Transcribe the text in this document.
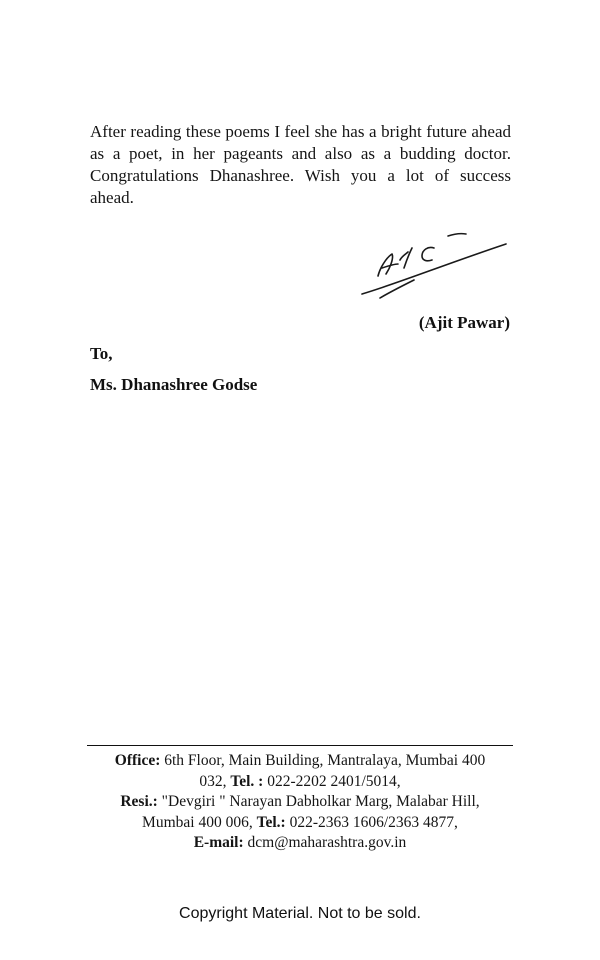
After reading these poems I feel she has a bright future ahead as a poet, in her pageants and also as a budding doctor. Congratulations Dhanashree. Wish you a lot of success ahead.

(Ajit Pawar)

To,

Ms. Dhanashree Godse

Office: 6th Floor, Main Building, Mantralaya, Mumbai 400
032, Tel. : 022-2202 2401/5014,
Resi.: "Devgiri " Narayan Dabholkar Marg, Malabar Hill,
Mumbai 400 006, Tel.: 022-2363 1606/2363 4877,
E-mail: dcm@maharashtra.gov.in
Copyright Material. Not to be sold.
